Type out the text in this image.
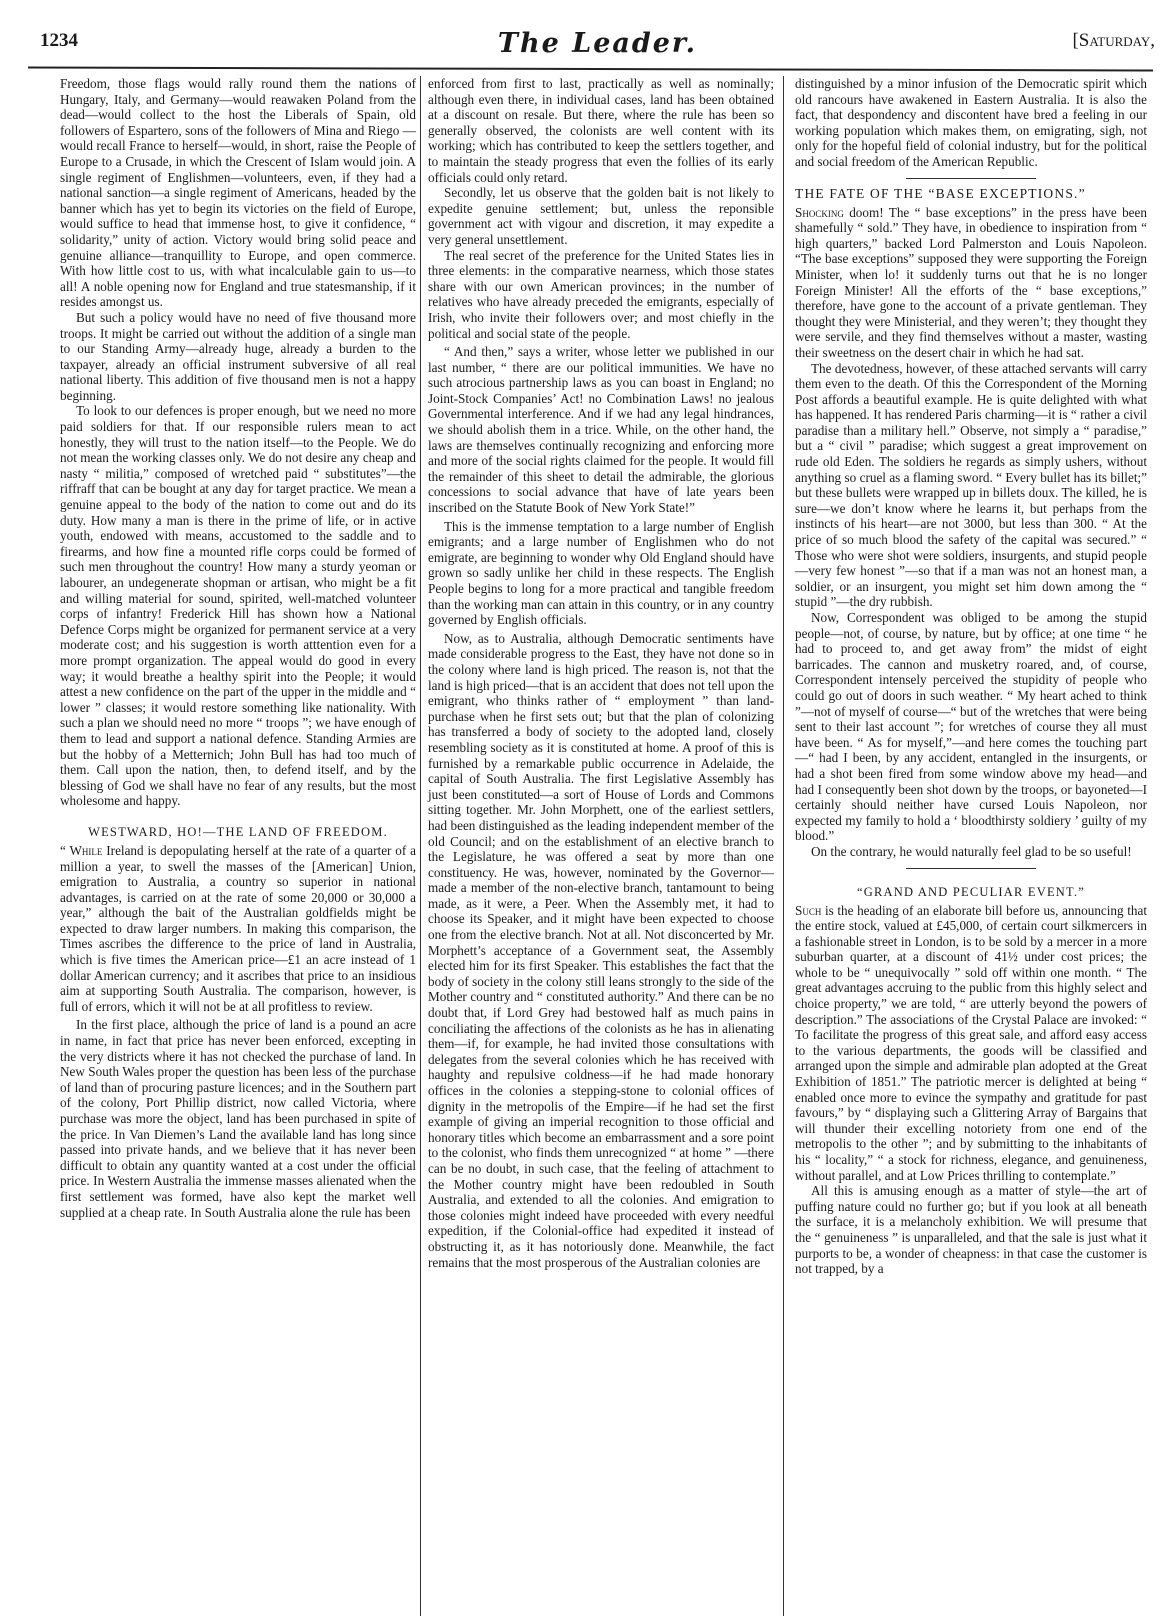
1234	The Leader.	[Saturday,

Freedom, those flags would rally round them the nations of Hungary, Italy, and Germany—would reawaken Poland from the dead—would collect to the host the Liberals of Spain, old followers of Espartero, sons of the followers of Mina and Riego —would recall France to herself—would, in short, raise the People of Europe to a Crusade, in which the Crescent of Islam would join. A single regiment of Englishmen—volunteers, even, if they had a national sanction—a single regiment of Americans, headed by the banner which has yet to begin its victories on the field of Europe, would suffice to head that immense host, to give it confidence, “ solidarity,” unity of action. Victory would bring solid peace and genuine alliance—tranquillity to Europe, and open commerce. With how little cost to us, with what incalculable gain to us—to all! A noble opening now for England and true statesmanship, if it resides amongst us.

But such a policy would have no need of five thousand more troops. It might be carried out without the addition of a single man to our Standing Army—already huge, already a burden to the taxpayer, already an official instrument subversive of all real national liberty. This addition of five thousand men is not a happy beginning.

To look to our defences is proper enough, but we need no more paid soldiers for that. If our responsible rulers mean to act honestly, they will trust to the nation itself—to the People. We do not mean the working classes only. We do not desire any cheap and nasty “ militia,” composed of wretched paid “ substitutes”—the riffraff that can be bought at any day for target practice. We mean a genuine appeal to the body of the nation to come out and do its duty. How many a man is there in the prime of life, or in active youth, endowed with means, accustomed to the saddle and to firearms, and how fine a mounted rifle corps could be formed of such men throughout the country! How many a sturdy yeoman or labourer, an undegenerate shopman or artisan, who might be a fit and willing material for sound, spirited, well-matched volunteer corps of infantry! Frederick Hill has shown how a National Defence Corps might be organized for permanent service at a very moderate cost; and his suggestion is worth atttention even for a more prompt organization. The appeal would do good in every way; it would breathe a healthy spirit into the People; it would attest a new confidence on the part of the upper in the middle and “ lower ” classes; it would restore something like nationality. With such a plan we should need no more “ troops ”; we have enough of them to lead and support a national defence. Standing Armies are but the hobby of a Metternich; John Bull has had too much of them. Call upon the nation, then, to defend itself, and by the blessing of God we shall have no fear of any results, but the most wholesome and happy.

WESTWARD, HO!—THE LAND OF FREEDOM.

“ While Ireland is depopulating herself at the rate of a quarter of a million a year, to swell the masses of the [American] Union, emigration to Australia, a country so superior in national advantages, is carried on at the rate of some 20,000 or 30,000 a year,” although the bait of the Australian goldfields might be expected to draw larger numbers. In making this comparison, the Times ascribes the difference to the price of land in Australia, which is five times the American price—£1 an acre instead of 1 dollar American currency; and it ascribes that price to an insidious aim at supporting South Australia. The comparison, however, is full of errors, which it will not be at all profitless to review.

In the first place, although the price of land is a pound an acre in name, in fact that price has never been enforced, excepting in the very districts where it has not checked the purchase of land. In New South Wales proper the question has been less of the purchase of land than of procuring pasture licences; and in the Southern part of the colony, Port Phillip district, now called Victoria, where purchase was more the object, land has been purchased in spite of the price. In Van Diemen’s Land the available land has long since passed into private hands, and we believe that it has never been difficult to obtain any quantity wanted at a cost under the official price. In Western Australia the immense masses alienated when the first settlement was formed, have also kept the market well supplied at a cheap rate. In South Australia alone the rule has been

enforced from first to last, practically as well as nominally; although even there, in individual cases, land has been obtained at a discount on resale. But there, where the rule has been so generally observed, the colonists are well content with its working; which has contributed to keep the settlers together, and to maintain the steady progress that even the follies of its early officials could only retard.

Secondly, let us observe that the golden bait is not likely to expedite genuine settlement; but, unless the reponsible government act with vigour and discretion, it may expedite a very general unsettlement.

The real secret of the preference for the United States lies in three elements: in the comparative nearness, which those states share with our own American provinces; in the number of relatives who have already preceded the emigrants, especially of Irish, who invite their followers over; and most chiefly in the political and social state of the people.

“ And then,” says a writer, whose letter we published in our last number, “ there are our political immunities. We have no such atrocious partnership laws as you can boast in England; no Joint-Stock Companies’ Act! no Combination Laws! no jealous Governmental interference. And if we had any legal hindrances, we should abolish them in a trice. While, on the other hand, the laws are themselves continually recognizing and enforcing more and more of the social rights claimed for the people. It would fill the remainder of this sheet to detail the admirable, the glorious concessions to social advance that have of late years been inscribed on the Statute Book of New York State!”

This is the immense temptation to a large number of English emigrants; and a large number of Englishmen who do not emigrate, are beginning to wonder why Old England should have grown so sadly unlike her child in these respects. The English People begins to long for a more practical and tangible freedom than the working man can attain in this country, or in any country governed by English officials.

Now, as to Australia, although Democratic sentiments have made considerable progress to the East, they have not done so in the colony where land is high priced. The reason is, not that the land is high priced—that is an accident that does not tell upon the emigrant, who thinks rather of “ employment ” than land-purchase when he first sets out; but that the plan of colonizing has transferred a body of society to the adopted land, closely resembling society as it is constituted at home. A proof of this is furnished by a remarkable public occurrence in Adelaide, the capital of South Australia. The first Legislative Assembly has just been constituted—a sort of House of Lords and Commons sitting together. Mr. John Morphett, one of the earliest settlers, had been distinguished as the leading independent member of the old Council; and on the establishment of an elective branch to the Legislature, he was offered a seat by more than one constituency. He was, however, nominated by the Governor—made a member of the non-elective branch, tantamount to being made, as it were, a Peer. When the Assembly met, it had to choose its Speaker, and it might have been expected to choose one from the elective branch. Not at all. Not disconcerted by Mr. Morphett’s acceptance of a Government seat, the Assembly elected him for its first Speaker. This establishes the fact that the body of society in the colony still leans strongly to the side of the Mother country and “ constituted authority.” And there can be no doubt that, if Lord Grey had bestowed half as much pains in conciliating the affections of the colonists as he has in alienating them—if, for example, he had invited those consultations with delegates from the several colonies which he has received with haughty and repulsive coldness—if he had made honorary offices in the colonies a stepping-stone to colonial offices of dignity in the metropolis of the Empire—if he had set the first example of giving an imperial recognition to those official and honorary titles which become an embarrassment and a sore point to the colonist, who finds them unrecognized “ at home ” —there can be no doubt, in such case, that the feeling of attachment to the Mother country might have been redoubled in South Australia, and extended to all the colonies. And emigration to those colonies might indeed have proceeded with every needful expedition, if the Colonial-office had expedited it instead of obstructing it, as it has notoriously done. Meanwhile, the fact remains that the most prosperous of the Australian colonies are

distinguished by a minor infusion of the Democratic spirit which old rancours have awakened in Eastern Australia. It is also the fact, that despondency and discontent have bred a feeling in our working population which makes them, on emigrating, sigh, not only for the hopeful field of colonial industry, but for the political and social freedom of the American Republic.

THE FATE OF THE “BASE EXCEPTIONS.”

Shocking doom! The “ base exceptions” in the press have been shamefully “ sold.” They have, in obedience to inspiration from “ high quarters,” backed Lord Palmerston and Louis Napoleon. “The base exceptions” supposed they were supporting the Foreign Minister, when lo! it suddenly turns out that he is no longer Foreign Minister! All the efforts of the “ base exceptions,” therefore, have gone to the account of a private gentleman. They thought they were Ministerial, and they weren’t; they thought they were servile, and they find themselves without a master, wasting their sweetness on the desert chair in which he had sat.

The devotedness, however, of these attached servants will carry them even to the death. Of this the Correspondent of the Morning Post affords a beautiful example. He is quite delighted with what has happened. It has rendered Paris charming—it is “ rather a civil paradise than a military hell.” Observe, not simply a “ paradise,” but a “ civil ” paradise; which suggest a great improvement on rude old Eden. The soldiers he regards as simply ushers, without anything so cruel as a flaming sword. “ Every bullet has its billet;” but these bullets were wrapped up in billets doux. The killed, he is sure—we don’t know where he learns it, but perhaps from the instincts of his heart—are not 3000, but less than 300. “ At the price of so much blood the safety of the capital was secured.” “ Those who were shot were soldiers, insurgents, and stupid people—very few honest ”—so that if a man was not an honest man, a soldier, or an insurgent, you might set him down among the “ stupid ”—the dry rubbish.

Now, Correspondent was obliged to be among the stupid people—not, of course, by nature, but by office; at one time “ he had to proceed to, and get away from” the midst of eight barricades. The cannon and musketry roared, and, of course, Correspondent intensely perceived the stupidity of people who could go out of doors in such weather. “ My heart ached to think ”—not of myself of course—“ but of the wretches that were being sent to their last account ”; for wretches of course they all must have been. “ As for myself,”—and here comes the touching part—“ had I been, by any accident, entangled in the insurgents, or had a shot been fired from some window above my head—and had I consequently been shot down by the troops, or bayoneted—I certainly should neither have cursed Louis Napoleon, nor expected my family to hold a ‘ bloodthirsty soldiery ’ guilty of my blood.”

On the contrary, he would naturally feel glad to be so useful!

“GRAND AND PECULIAR EVENT.”

Such is the heading of an elaborate bill before us, announcing that the entire stock, valued at £45,000, of certain court silkmercers in a fashionable street in London, is to be sold by a mercer in a more suburban quarter, at a discount of 41½ under cost prices; the whole to be “ unequivocally ” sold off within one month. “ The great advantages accruing to the public from this highly select and choice property,” we are told, “ are utterly beyond the powers of description.” The associations of the Crystal Palace are invoked: “ To facilitate the progress of this great sale, and afford easy access to the various departments, the goods will be classified and arranged upon the simple and admirable plan adopted at the Great Exhibition of 1851.” The patriotic mercer is delighted at being “ enabled once more to evince the sympathy and gratitude for past favours,” by “ displaying such a Glittering Array of Bargains that will thunder their excelling notoriety from one end of the metropolis to the other ”; and by submitting to the inhabitants of his “ locality,” “ a stock for richness, elegance, and genuineness, without parallel, and at Low Prices thrilling to contemplate.”

All this is amusing enough as a matter of style—the art of puffing nature could no further go; but if you look at all beneath the surface, it is a melancholy exhibition. We will presume that the “ genuineness ” is unparalleled, and that the sale is just what it purports to be, a wonder of cheapness: in that case the customer is not trapped, by a
